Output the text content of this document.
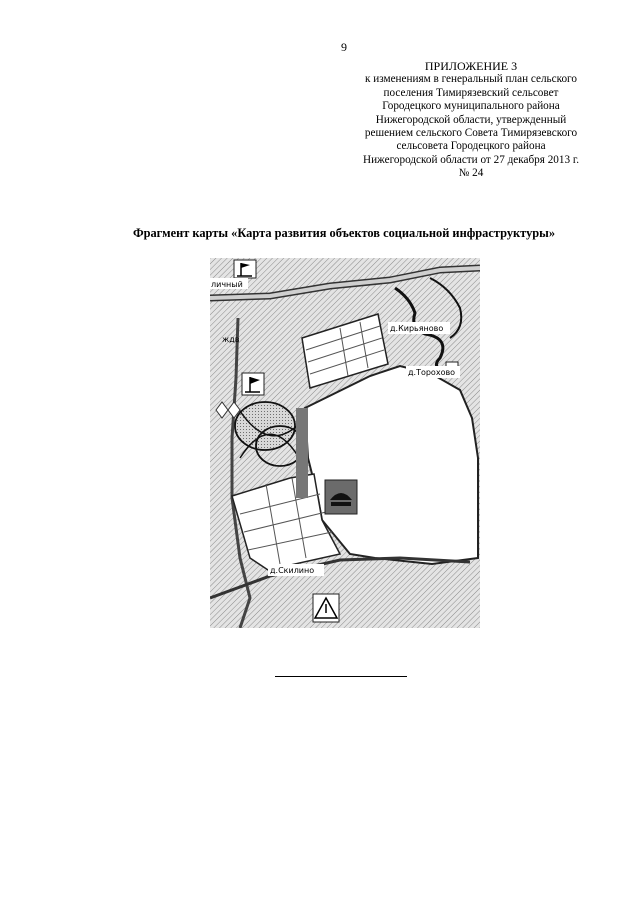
9
ПРИЛОЖЕНИЕ 3
к изменениям в генеральный план сельского
поселения Тимирязевский сельсовет
Городецкого муниципального района
Нижегородской области, утвержденный
решением сельского Совета Тимирязевского
сельсовета Городецкого района
Нижегородской области от 27 декабря 2013 г.
№ 24
Фрагмент карты «Карта развития объектов социальной инфраструктуры»
д.Кирьяново
д.Торохово
д.Скилино
личный
ждв
